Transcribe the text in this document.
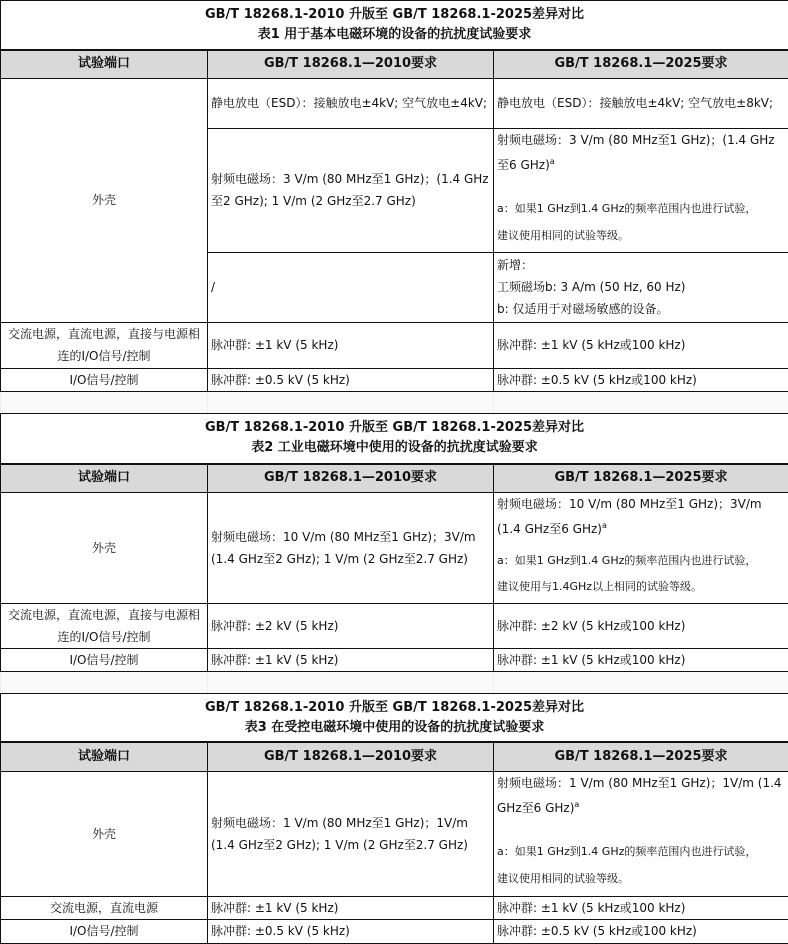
GB/T 18268.1-2010 升版至 GB/T 18268.1-2025差异对比
表1 用于基本电磁环境的设备的抗扰度试验要求		

试验端口	GB/T 18268.1—2010要求	GB/T 18268.1—2025要求
外壳	静电放电（ESD）：接触放电±4kV; 空气放电±4kV;	静电放电（ESD）：接触放电±4kV; 空气放电±8kV;
	射频电磁场：3 V/m (80 MHz至1 GHz)；(1.4 GHz至2 GHz); 1 V/m (2 GHz至2.7 GHz)	射频电磁场：3 V/m (80 MHz至1 GHz)；(1.4 GHz至6 GHz)$^a$
a：如果1 GHz到1.4 GHz的频率范围内也进行试验，
建议使用相同的试验等级。

	/	新增：
工频磁场b: 3 A/m (50 Hz, 60 Hz)
b: 仅适用于对磁场敏感的设备。

交流电源，直流电源，直接与电源相连的I/O信号/控制	脉冲群: ±1 kV (5 kHz)	脉冲群: ±1 kV (5 kHz或100 kHz)
I/O信号/控制	脉冲群: ±0.5 kV (5 kHz)	脉冲群: ±0.5 kV (5 kHz或100 kHz)

GB/T 18268.1-2010 升版至 GB/T 18268.1-2025差异对比
表2 工业电磁环境中使用的设备的抗扰度试验要求		

试验端口	GB/T 18268.1—2010要求	GB/T 18268.1—2025要求
外壳	射频电磁场：10 V/m (80 MHz至1 GHz)；3V/m (1.4 GHz至2 GHz); 1 V/m (2 GHz至2.7 GHz)	射频电磁场：10 V/m (80 MHz至1 GHz)；3V/m (1.4 GHz至6 GHz)$^a$
a：如果1 GHz到1.4 GHz的频率范围内也进行试验，
建议使用与1.4GHz以上相同的试验等级。

交流电源，直流电源，直接与电源相连的I/O信号/控制	脉冲群: ±2 kV (5 kHz)	脉冲群: ±2 kV (5 kHz或100 kHz)
I/O信号/控制	脉冲群: ±1 kV (5 kHz)	脉冲群: ±1 kV (5 kHz或100 kHz)

GB/T 18268.1-2010 升版至 GB/T 18268.1-2025差异对比
表3 在受控电磁环境中使用的设备的抗扰度试验要求		

试验端口	GB/T 18268.1—2010要求	GB/T 18268.1—2025要求
外壳	射频电磁场：1 V/m (80 MHz至1 GHz)；1V/m (1.4 GHz至2 GHz); 1 V/m (2 GHz至2.7 GHz)	射频电磁场：1 V/m (80 MHz至1 GHz)；1V/m (1.4 GHz至6 GHz)$^a$
a：如果1 GHz到1.4 GHz的频率范围内也进行试验，
建议使用相同的试验等级。

交流电源，直流电源	脉冲群: ±1 kV (5 kHz)	脉冲群: ±1 kV (5 kHz或100 kHz)
I/O信号/控制	脉冲群: ±0.5 kV (5 kHz)	脉冲群: ±0.5 kV (5 kHz或100 kHz)
